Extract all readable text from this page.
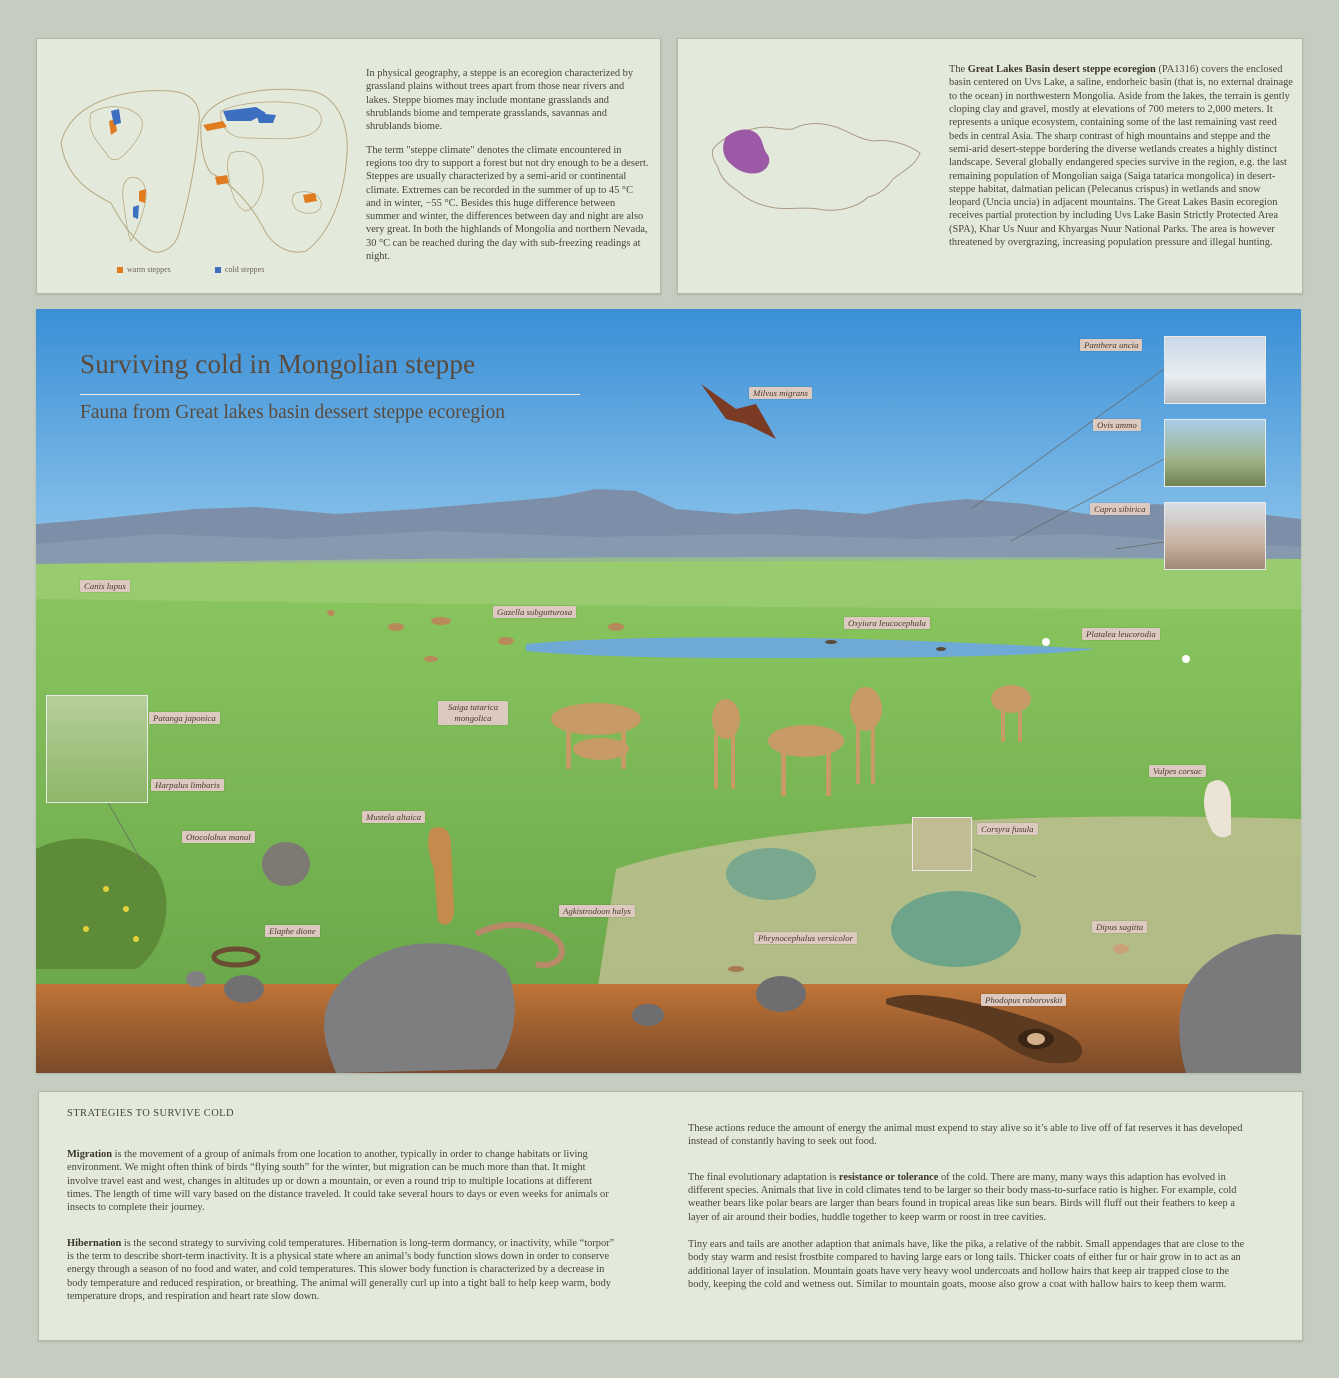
warm steppes	cold steppes

In physical geography, a steppe is an ecoregion characterized by grassland plains without trees apart from those near rivers and lakes. Steppe biomes may include montane grasslands and shrublands biome and temperate grasslands, savannas and shrublands biome.

The term "steppe climate" denotes the climate encountered in regions too dry to support a forest but not dry enough to be a desert. Steppes are usually characterized by a semi-arid or continental climate. Extremes can be recorded in the summer of up to 45 °C and in winter, −55 °C. Besides this huge difference between summer and winter, the differences between day and night are also very great. In both the highlands of Mongolia and northern Nevada, 30 °C can be reached during the day with sub-freezing readings at night.

The Great Lakes Basin desert steppe ecoregion (PA1316) covers the enclosed basin centered on Uvs Lake, a saline, endorheic basin (that is, no external drainage to the ocean) in northwestern Mongolia. Aside from the lakes, the terrain is gently cloping clay and gravel, mostly at elevations of 700 meters to 2,000 meters. It represents a unique ecosystem, containing some of the last remaining vast reed beds in central Asia. The sharp contrast of high mountains and steppe and the semi-arid desert-steppe bordering the diverse wetlands creates a highly distinct landscape. Several globally endangered species survive in the region, e.g. the last remaining population of Mongolian saiga (Saiga tatarica mongolica) in desert-steppe habitat, dalmatian pelican (Pelecanus crispus) in wetlands and snow leopard (Uncia uncia) in adjacent mountains. The Great Lakes Basin ecoregion receives partial protection by including Uvs Lake Basin Strictly Protected Area (SPA), Khar Us Nuur and Khyargas Nuur National Parks. The area is however threatened by overgrazing, increasing population pressure and illegal hunting.

Surviving cold in Mongolian steppe
Fauna from Great lakes basin dessert steppe ecoregion
Panthera uncia
Ovis ammo
Capra sibirica
Milvus migrans
Canis lupus
Gazella subgutturosa
Oxyiura leucocephala
Platalea leucorodia
Saiga tatarica mongolica
Patanga japonica
Harpalus limbaris
Vulpes corsac
Otocolobus manul
Mustela altaica
Corsyra fusula
Agkistrodoon halys
Elaphe dione
Phrynocephalus versicolor
Dipus sagitta
Phodopus roborovskii
STRATEGIES TO SURVIVE COLD

Migration is the movement of a group of animals from one location to another, typically in order to change habitats or living environment. We might often think of birds “flying south” for the winter, but migration can be much more than that. It might involve travel east and west, changes in altitudes up or down a mountain, or even a round trip to multiple locations at different times. The length of time will vary based on the distance traveled. It could take several hours to days or even weeks for animals or insects to complete their journey.

Hibernation is the second strategy to surviving cold temperatures. Hibernation is long-term dormancy, or inactivity, while “torpor” is the term to describe short-term inactivity. It is a physical state where an animal’s body function slows down in order to conserve energy through a season of no food and water, and cold temperatures. This slower body function is characterized by a decrease in body temperature and reduced respiration, or breathing. The animal will generally curl up into a tight ball to help keep warm, body temperature drops, and respiration and heart rate slow down.

These actions reduce the amount of energy the animal must expend to stay alive so it’s able to live off of fat reserves it has developed instead of constantly having to seek out food.

The final evolutionary adaptation is resistance or tolerance of the cold. There are many, many ways this adaption has evolved in different species. Animals that live in cold climates tend to be larger so their body mass-to-surface ratio is higher. For example, cold weather bears like polar bears are larger than bears found in tropical areas like sun bears. Birds will fluff out their feathers to keep a layer of air around their bodies, huddle together to keep warm or roost in tree cavities.

Tiny ears and tails are another adaption that animals have, like the pika, a relative of the rabbit. Small appendages that are close to the body stay warm and resist frostbite compared to having large ears or long tails. Thicker coats of either fur or hair grow in to act as an additional layer of insulation. Mountain goats have very heavy wool undercoats and hollow hairs that keep air trapped close to the body, keeping the cold and wetness out. Similar to mountain goats, moose also grow a coat with hallow hairs to keep them warm.
